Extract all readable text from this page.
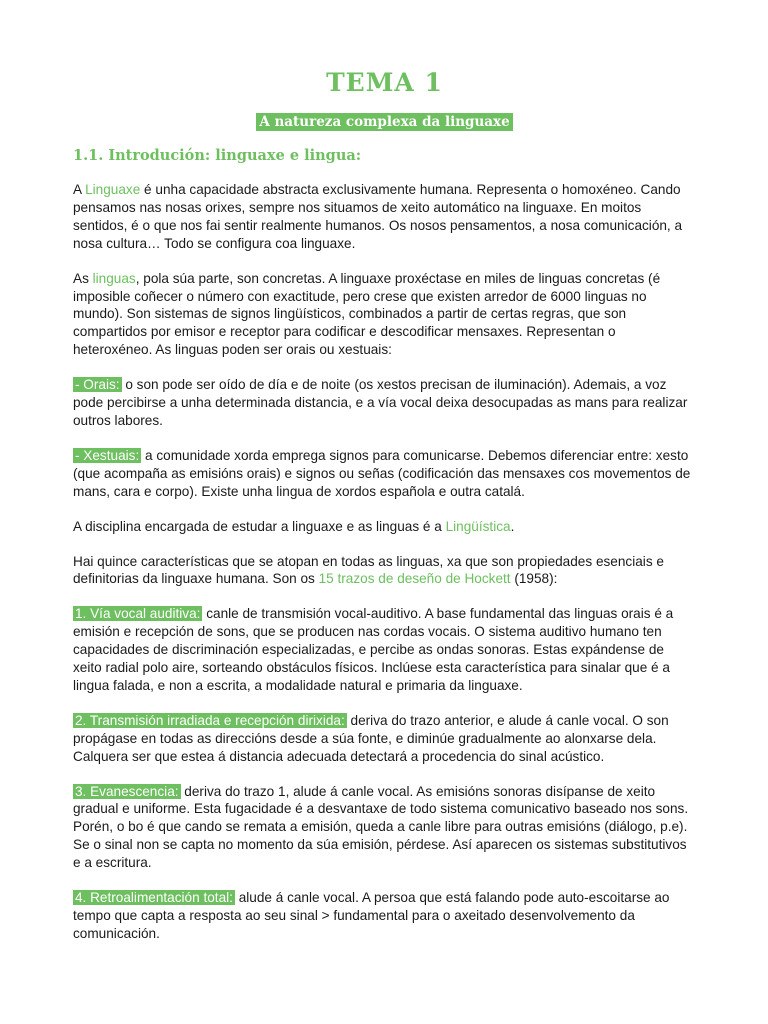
TEMA 1
A natureza complexa da linguaxe
1.1. Introdución: linguaxe e lingua:

A Linguaxe é unha capacidade abstracta exclusivamente humana. Representa o homoxéneo. Cando pensamos nas nosas orixes, sempre nos situamos de xeito automático na linguaxe. En moitos sentidos, é o que nos fai sentir realmente humanos. Os nosos pensamentos, a nosa comunicación, a nosa cultura… Todo se configura coa linguaxe.

As linguas, pola súa parte, son concretas. A linguaxe proxéctase en miles de linguas concretas (é imposible coñecer o número con exactitude, pero crese que existen arredor de 6000 linguas no mundo). Son sistemas de signos lingüísticos, combinados a partir de certas regras, que son compartidos por emisor e receptor para codificar e descodificar mensaxes. Representan o heteroxéneo. As linguas poden ser orais ou xestuais:

- Orais: o son pode ser oído de día e de noite (os xestos precisan de iluminación). Ademais, a voz pode percibirse a unha determinada distancia, e a vía vocal deixa desocupadas as mans para realizar outros labores.

- Xestuais: a comunidade xorda emprega signos para comunicarse. Debemos diferenciar entre: xesto (que acompaña as emisións orais) e signos ou señas (codificación das mensaxes cos movementos de mans, cara e corpo). Existe unha lingua de xordos española e outra catalá.

A disciplina encargada de estudar a linguaxe e as linguas é a Lingüística.

Hai quince características que se atopan en todas as linguas, xa que son propiedades esenciais e definitorias da linguaxe humana. Son os 15 trazos de deseño de Hockett (1958):

1. Vía vocal auditiva: canle de transmisión vocal-auditivo. A base fundamental das linguas orais é a emisión e recepción de sons, que se producen nas cordas vocais. O sistema auditivo humano ten capacidades de discriminación especializadas, e percibe as ondas sonoras. Estas expándense de xeito radial polo aire, sorteando obstáculos físicos. Inclúese esta característica para sinalar que é a lingua falada, e non a escrita, a modalidade natural e primaria da linguaxe.

2. Transmisión irradiada e recepción dirixida: deriva do trazo anterior, e alude á canle vocal. O son propágase en todas as direccións desde a súa fonte, e diminúe gradualmente ao alonxarse dela. Calquera ser que estea á distancia adecuada detectará a procedencia do sinal acústico.

3. Evanescencia: deriva do trazo 1, alude á canle vocal. As emisións sonoras disípanse de xeito gradual e uniforme. Esta fugacidade é a desvantaxe de todo sistema comunicativo baseado nos sons. Porén, o bo é que cando se remata a emisión, queda a canle libre para outras emisións (diálogo, p.e). Se o sinal non se capta no momento da súa emisión, pérdese. Así aparecen os sistemas substitutivos e a escritura.

4. Retroalimentación total: alude á canle vocal. A persoa que está falando pode auto-escoitarse ao tempo que capta a resposta ao seu sinal > fundamental para o axeitado desenvolvemento da comunicación.
